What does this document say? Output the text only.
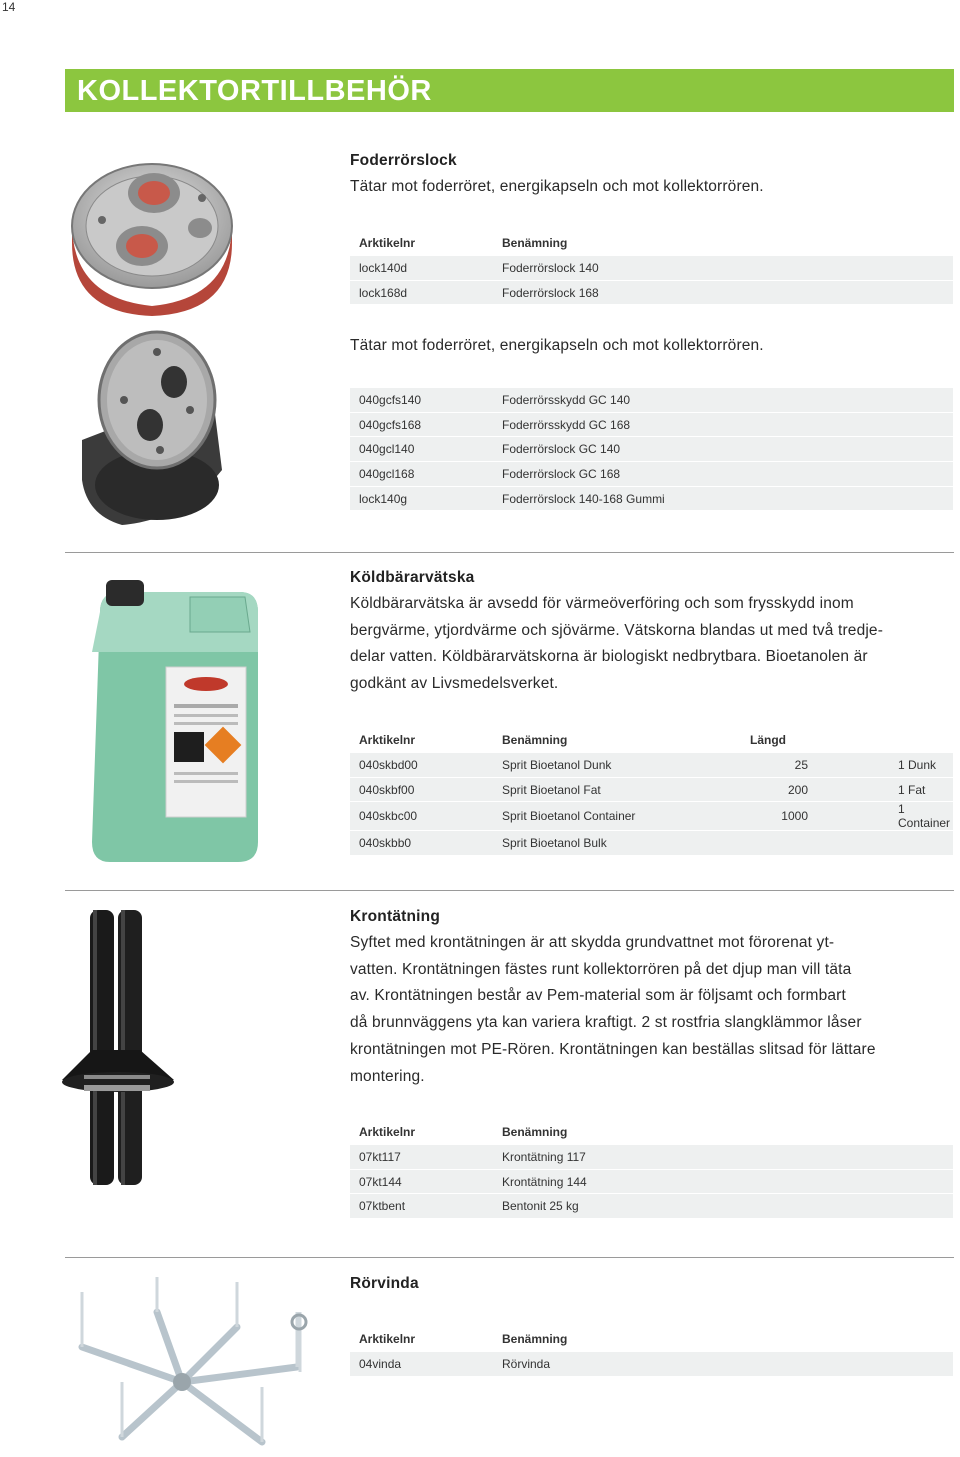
14
KOLLEKTORTILLBEHÖR
Foderrörslock
Tätar mot foderröret, energikapseln och mot kollektorrören.
Arktikelnr	Benämning
lock140d	Foderrörslock 140
lock168d	Foderrörslock 168
Tätar mot foderröret, energikapseln och mot kollektorrören.
040gcfs140	Foderrörsskydd GC 140
040gcfs168	Foderrörsskydd GC 168
040gcl140	Foderrörslock GC 140
040gcl168	Foderrörslock GC 168
lock140g	Foderrörslock 140-168 Gummi
Köldbärarvätska
Köldbärarvätska är avsedd för värmeöverföring och som frysskydd inom
bergvärme, ytjordvärme och sjövärme. Vätskorna blandas ut med två tredje-
delar vatten. Köldbärarvätskorna är biologiskt nedbrytbara. Bioetanolen är
godkänt av Livsmedelsverket.
Arktikelnr	Benämning	Längd	
040skbd00	Sprit Bioetanol Dunk	25	1 Dunk
040skbf00	Sprit Bioetanol Fat	200	1 Fat
040skbc00	Sprit Bioetanol Container	1000	1 Container
040skbb0	Sprit Bioetanol Bulk		
Krontätning
Syftet med krontätningen är att skydda grundvattnet mot förorenat yt-
vatten. Krontätningen fästes runt kollektorrören på det djup man vill täta
av. Krontätningen består av Pem-material som är följsamt och formbart
då brunnväggens yta kan variera kraftigt. 2 st rostfria slangklämmor låser
krontätningen mot PE-Rören. Krontätningen kan beställas slitsad för lättare
montering.
Arktikelnr	Benämning
07kt117	Krontätning 117
07kt144	Krontätning 144
07ktbent	Bentonit 25 kg
Rörvinda
Arktikelnr	Benämning
04vinda	Rörvinda
